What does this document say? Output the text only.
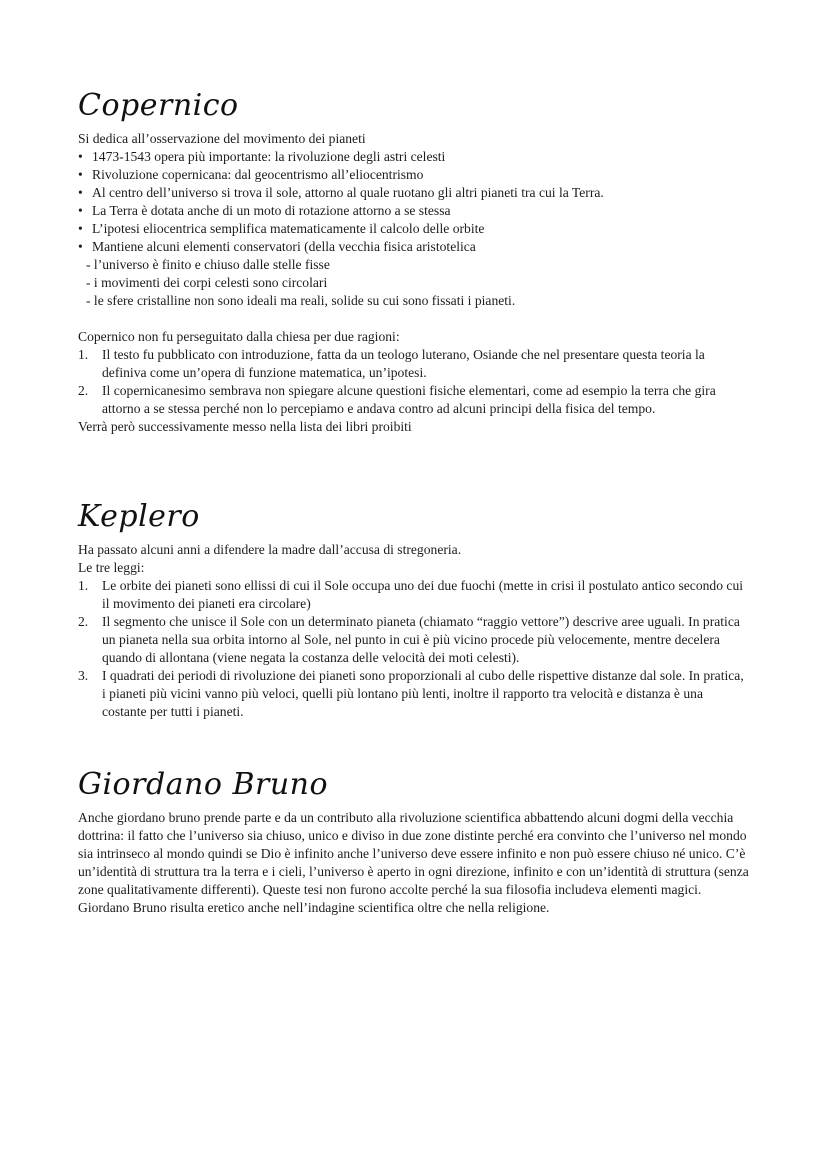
Copernico

Si dedica all’osservazione del movimento dei pianeti

• 1473-1543 opera più importante: la rivoluzione degli astri celesti
• Rivoluzione copernicana: dal geocentrismo all’eliocentrismo
• Al centro dell’universo si trova il sole, attorno al quale ruotano gli altri pianeti tra cui la Terra.
• La Terra è dotata anche di un moto di rotazione attorno a se stessa
• L’ipotesi eliocentrica semplifica matematicamente il calcolo delle orbite
• Mantiene alcuni elementi conservatori (della vecchia fisica aristotelica
- l’universo è finito e chiuso dalle stelle fisse
- i movimenti dei corpi celesti sono circolari
- le sfere cristalline non sono ideali ma reali, solide su cui sono fissati i pianeti.

Copernico non fu perseguitato dalla chiesa per due ragioni:

1. Il testo fu pubblicato con introduzione, fatta da un teologo luterano, Osiande che nel presentare questa teoria la definiva come un’opera di funzione matematica, un’ipotesi.
2. Il copernicanesimo sembrava non spiegare alcune questioni fisiche elementari, come ad esempio la terra che gira attorno a se stessa perché non lo percepiamo e andava contro ad alcuni principi della fisica del tempo.

Verrà però successivamente messo nella lista dei libri proibiti

Keplero

Ha passato alcuni anni a difendere la madre dall’accusa di stregoneria.

Le tre leggi:

1. Le orbite dei pianeti sono ellissi di cui il Sole occupa uno dei due fuochi (mette in crisi il postulato antico secondo cui il movimento dei pianeti era circolare)
2. Il segmento che unisce il Sole con un determinato pianeta (chiamato “raggio vettore”) descrive aree uguali. In pratica un pianeta nella sua orbita intorno al Sole, nel punto in cui è più vicino procede più velocemente, mentre decelera quando di allontana (viene negata la costanza delle velocità dei moti celesti).
3. I quadrati dei periodi di rivoluzione dei pianeti sono proporzionali al cubo delle rispettive distanze dal sole. In pratica, i pianeti più vicini vanno più veloci, quelli più lontano più lenti, inoltre il rapporto tra velocità e distanza è una costante per tutti i pianeti.
Giordano Bruno

Anche giordano bruno prende parte e da un contributo alla rivoluzione scientifica abbattendo alcuni dogmi della vecchia dottrina: il fatto che l’universo sia chiuso, unico e diviso in due zone distinte perché era convinto che l’universo nel mondo sia intrinseco al mondo quindi se Dio è infinito anche l’universo deve essere infinito e non può essere chiuso né unico. C’è un’identità di struttura tra la terra e i cieli, l’universo è aperto in ogni direzione, infinito e con un’identità di struttura (senza zone qualitativamente differenti). Queste tesi non furono accolte perché la sua filosofia includeva elementi magici. Giordano Bruno risulta eretico anche nell’indagine scientifica oltre che nella religione.
